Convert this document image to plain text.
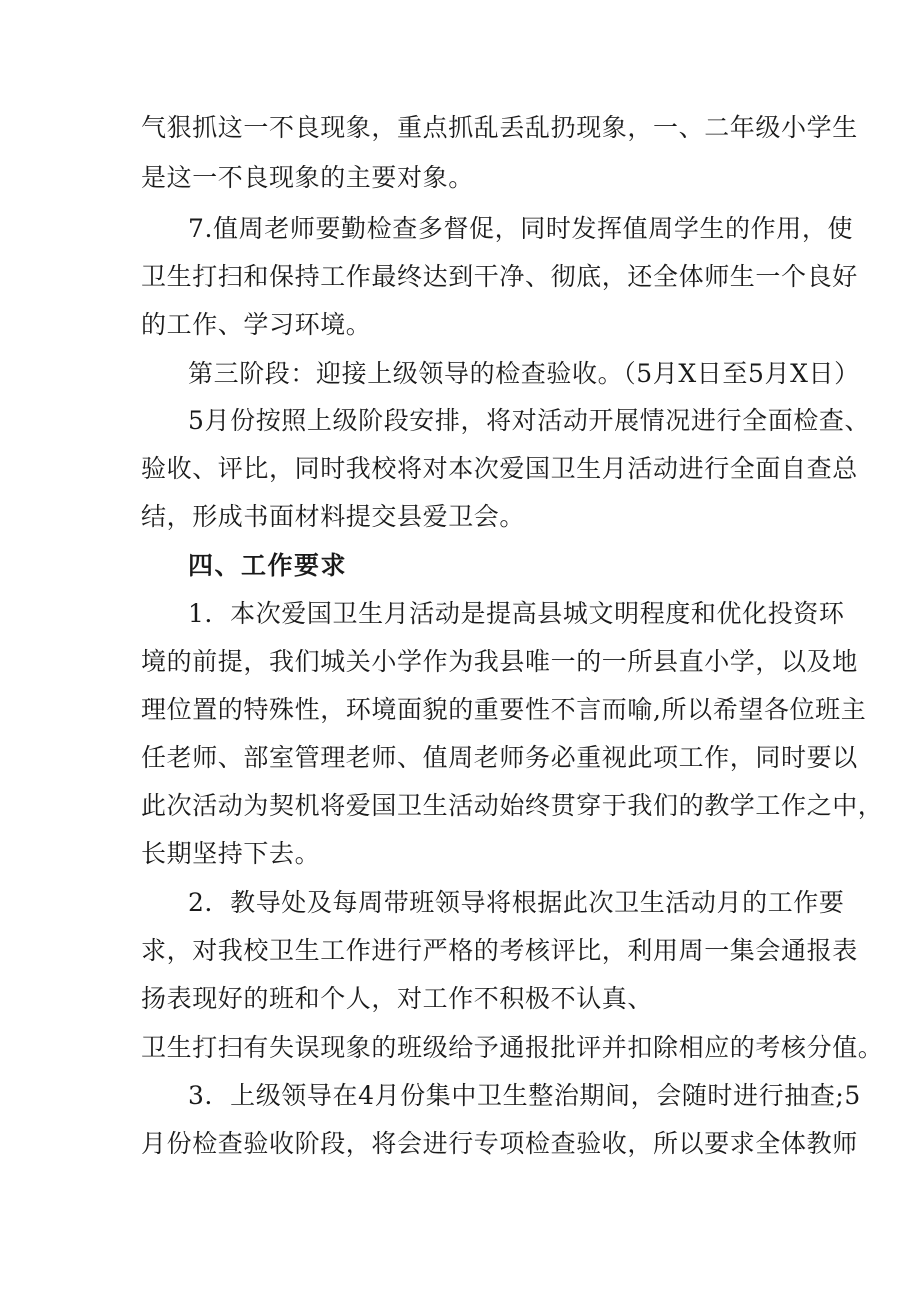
气狠抓这一不良现象，重点抓乱丢乱扔现象，一、二年级小学生

是这一不良现象的主要对象。

7.值周老师要勤检查多督促，同时发挥值周学生的作用，使

卫生打扫和保持工作最终达到干净、彻底，还全体师生一个良好

的工作、学习环境。

第三阶段：迎接上级领导的检查验收。（5月X日至5月X日）

5月份按照上级阶段安排，将对活动开展情况进行全面检查、

验收、评比，同时我校将对本次爱国卫生月活动进行全面自查总

结，形成书面材料提交县爱卫会。

四、工作要求

1．本次爱国卫生月活动是提高县城文明程度和优化投资环

境的前提，我们城关小学作为我县唯一的一所县直小学，以及地

理位置的特殊性，环境面貌的重要性不言而喻,所以希望各位班主

任老师、部室管理老师、值周老师务必重视此项工作，同时要以

此次活动为契机将爱国卫生活动始终贯穿于我们的教学工作之中，

长期坚持下去。

2．教导处及每周带班领导将根据此次卫生活动月的工作要

求，对我校卫生工作进行严格的考核评比，利用周一集会通报表

扬表现好的班和个人，对工作不积极不认真、

卫生打扫有失误现象的班级给予通报批评并扣除相应的考核分值。

3．上级领导在4月份集中卫生整治期间，会随时进行抽查;5

月份检查验收阶段，将会进行专项检查验收，所以要求全体教师
